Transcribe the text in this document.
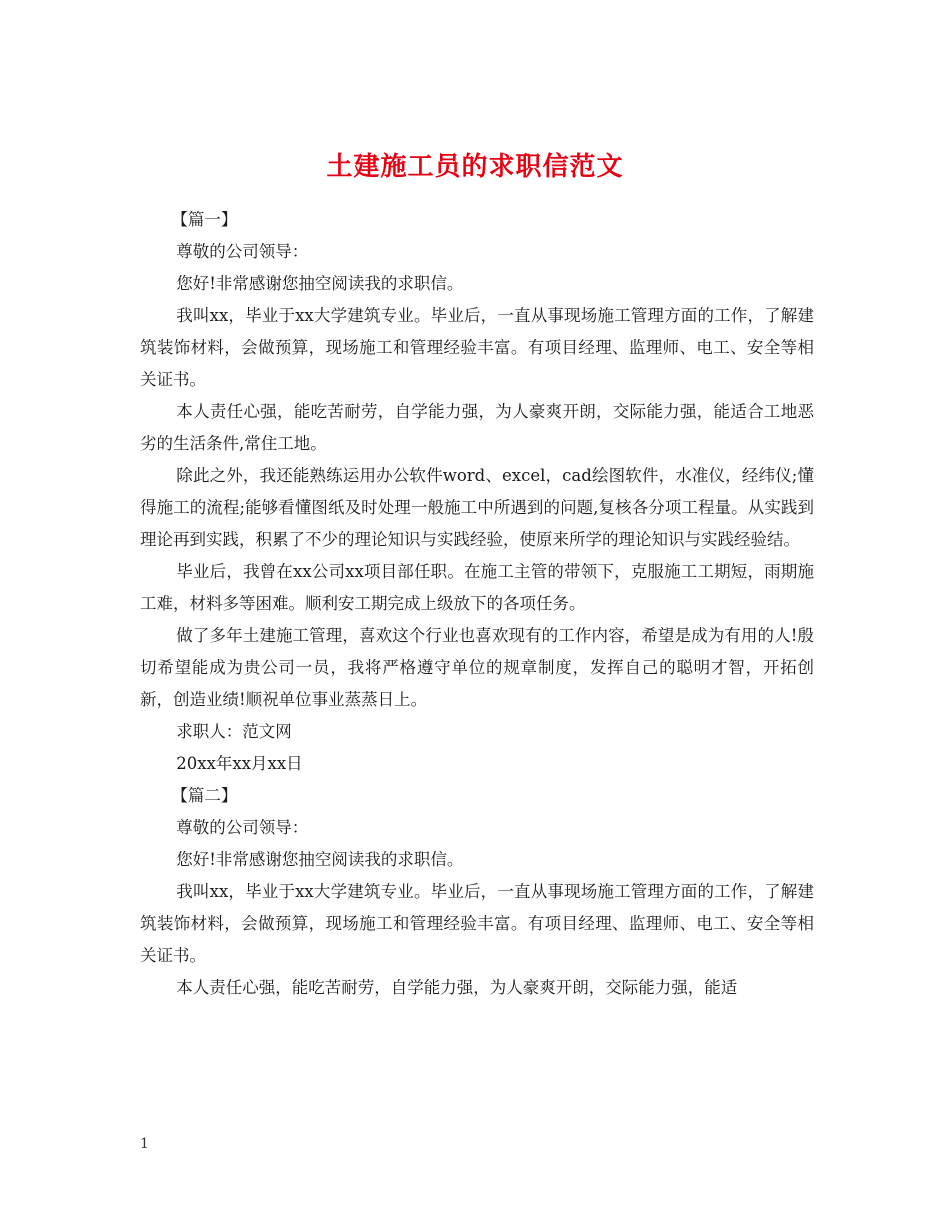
土建施工员的求职信范文

【篇一】

尊敬的公司领导：

您好!非常感谢您抽空阅读我的求职信。

我叫xx，毕业于xx大学建筑专业。毕业后，一直从事现场施工管理方面的工作，了解建筑装饰材料，会做预算，现场施工和管理经验丰富。有项目经理、监理师、电工、安全等相关证书。

本人责任心强，能吃苦耐劳，自学能力强，为人豪爽开朗，交际能力强，能适合工地恶劣的生活条件,常住工地。

除此之外，我还能熟练运用办公软件word、excel，cad绘图软件，水准仪，经纬仪;懂得施工的流程;能够看懂图纸及时处理一般施工中所遇到的问题,复核各分项工程量。从实践到理论再到实践，积累了不少的理论知识与实践经验，使原来所学的理论知识与实践经验结。

毕业后，我曾在xx公司xx项目部任职。在施工主管的带领下，克服施工工期短，雨期施工难，材料多等困难。顺利安工期完成上级放下的各项任务。

做了多年土建施工管理，喜欢这个行业也喜欢现有的工作内容，希望是成为有用的人!殷切希望能成为贵公司一员，我将严格遵守单位的规章制度，发挥自己的聪明才智，开拓创新，创造业绩!顺祝单位事业蒸蒸日上。

求职人：范文网

20xx年xx月xx日

【篇二】

尊敬的公司领导：

您好!非常感谢您抽空阅读我的求职信。

我叫xx，毕业于xx大学建筑专业。毕业后，一直从事现场施工管理方面的工作，了解建筑装饰材料，会做预算，现场施工和管理经验丰富。有项目经理、监理师、电工、安全等相关证书。

本人责任心强，能吃苦耐劳，自学能力强，为人豪爽开朗，交际能力强，能适

1
